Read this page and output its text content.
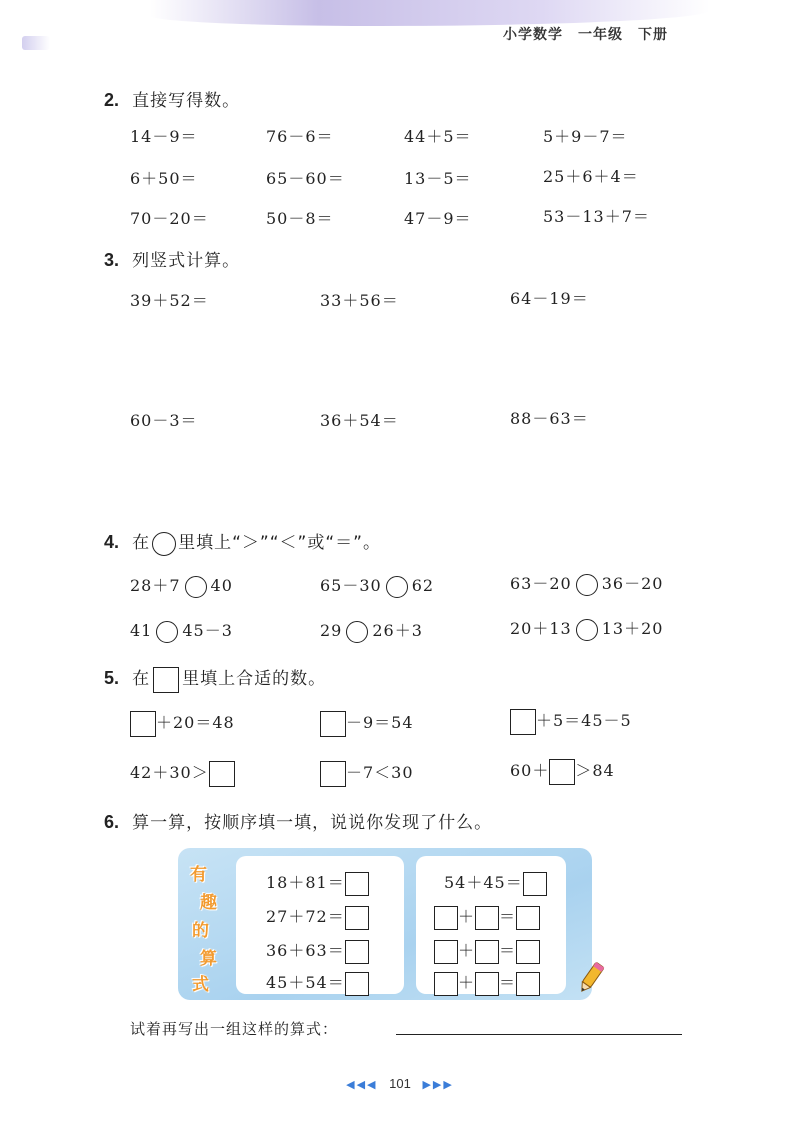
小学数学　一年级　下册
2. 直接写得数。
14－9＝	76－6＝	44＋5＝	5＋9－7＝
6＋50＝	65－60＝	13－5＝	25＋6＋4＝
70－20＝	50－8＝	47－9＝	53－13＋7＝
3. 列竖式计算。
39＋52＝	33＋56＝	64－19＝
60－3＝	36＋54＝	88－63＝
4. 在 里填上“＞”“＜”或“＝”。
28＋7 40	65－30 62	63－20 36－20
41 45－3	29 26＋3	20＋13 13＋20
5. 在 里填上合适的数。
＋20＝48	－9＝54	＋5＝45－5
42＋30＞	－7＜30	60＋ ＞84
6. 算一算，按顺序填一填，说说你发现了什么。
有
趣
的
算
式
18＋81＝
27＋72＝
36＋63＝
45＋54＝
54＋45＝
＋ ＝
＋ ＝
＋ ＝
试着再写出一组这样的算式：
◀◀◀ 101 ▶▶▶
